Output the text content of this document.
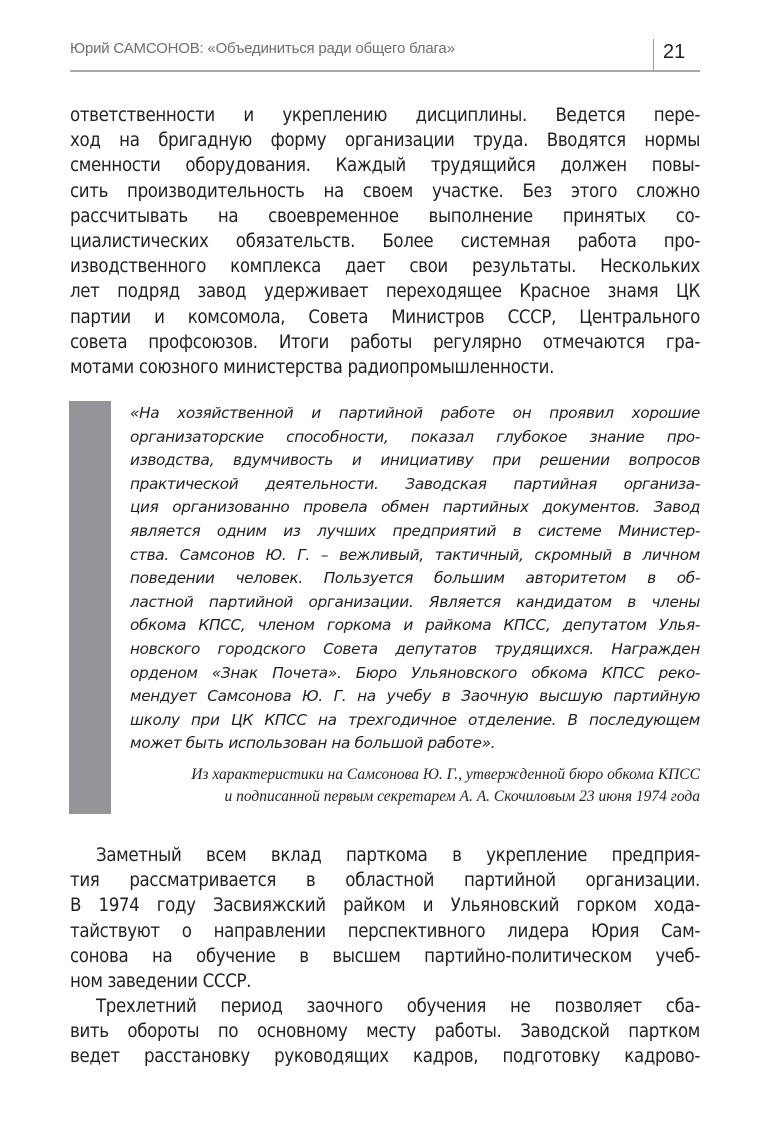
Юрий САМСОНОВ: «Объединиться ради общего блага»	21
ответственности и укреплению дисциплины. Ведется пере-
ход на бригадную форму организации труда. Вводятся нормы
сменности оборудования. Каждый трудящийся должен повы-
сить производительность на своем участке. Без этого сложно
рассчитывать на своевременное выполнение принятых со-
циалистических обязательств. Более системная работа про-
изводственного комплекса дает свои результаты. Нескольких
лет подряд завод удерживает переходящее Красное знамя ЦК
партии и комсомола, Совета Министров СССР, Центрального
совета профсоюзов. Итоги работы регулярно отмечаются гра-
мотами союзного министерства радиопромышленности.
«На хозяйственной и партийной работе он проявил хорошие
организаторские способности, показал глубокое знание про-
изводства, вдумчивость и инициативу при решении вопросов
практической деятельности. Заводская партийная организа-
ция организованно провела обмен партийных документов. Завод
является одним из лучших предприятий в системе Министер-
ства. Самсонов Ю. Г. – вежливый, тактичный, скромный в личном
поведении человек. Пользуется большим авторитетом в об-
ластной партийной организации. Является кандидатом в члены
обкома КПСС, членом горкома и райкома КПСС, депутатом Улья-
новского городского Совета депутатов трудящихся. Награжден
орденом «Знак Почета». Бюро Ульяновского обкома КПСС реко-
мендует Самсонова Ю. Г. на учебу в Заочную высшую партийную
школу при ЦК КПСС на трехгодичное отделение. В последующем
может быть использован на большой работе».
Из характеристики на Самсонова Ю. Г., утвержденной бюро обкома КПСС
и подписанной первым секретарем А. А. Скочиловым 23 июня 1974 года
Заметный всем вклад парткома в укрепление предприя-
тия рассматривается в областной партийной организации.
В 1974 году Засвияжский райком и Ульяновский горком хода-
тайствуют о направлении перспективного лидера Юрия Сам-
сонова на обучение в высшем партийно-политическом учеб-
ном заведении СССР.
Трехлетний период заочного обучения не позволяет сба-
вить обороты по основному месту работы. Заводской партком
ведет расстановку руководящих кадров, подготовку кадрово-
